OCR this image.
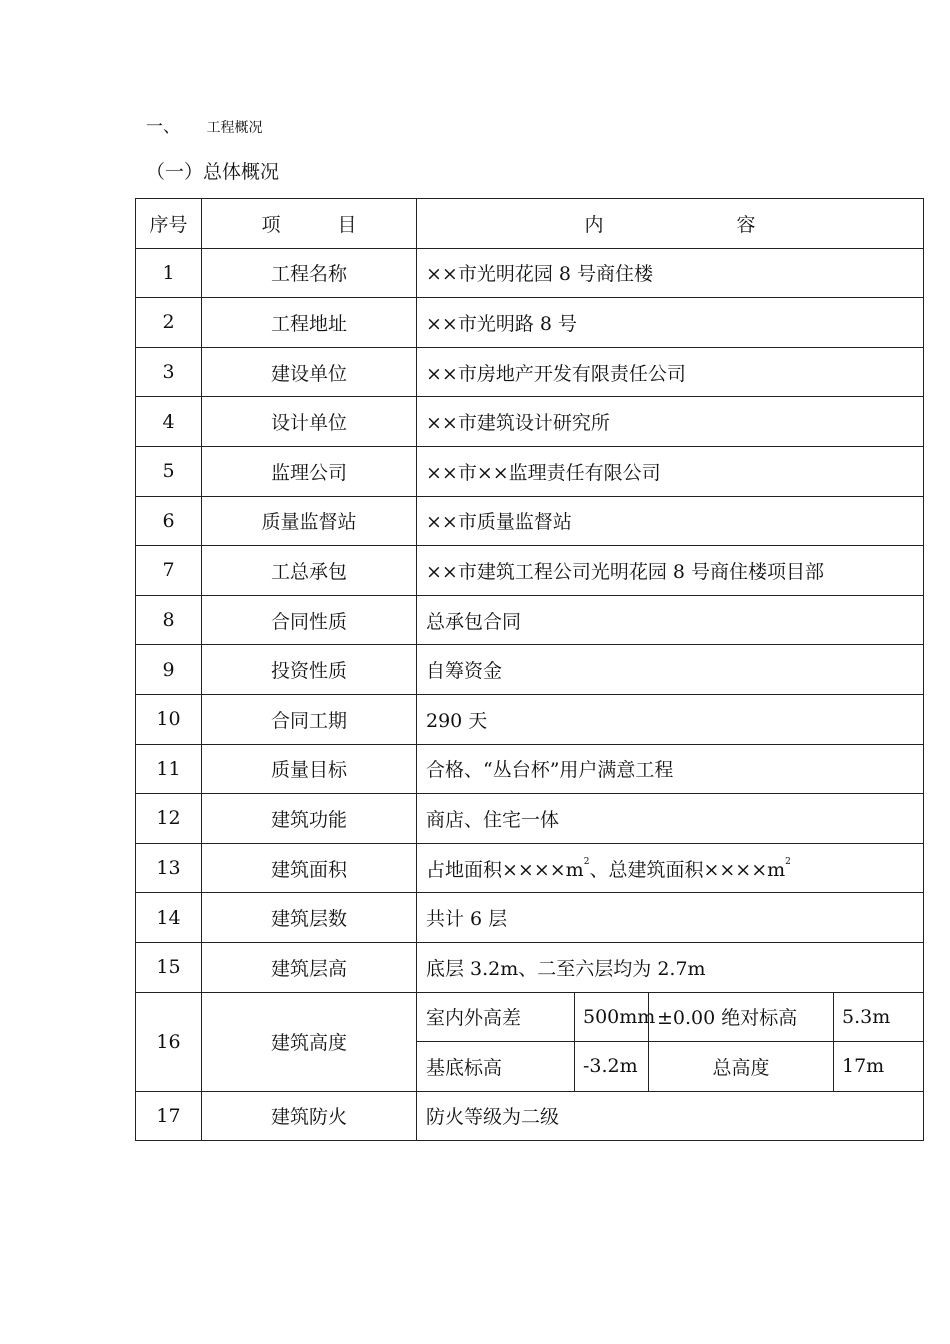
一、 工程概况
（一）总体概况
序号	项　　　目	内　　　　　　　容			
1	工程名称	××市光明花园 8 号商住楼			
2	工程地址	××市光明路 8 号			
3	建设单位	××市房地产开发有限责任公司			
4	设计单位	××市建筑设计研究所			
5	监理公司	××市××监理责任有限公司			
6	质量监督站	××市质量监督站			
7	工总承包	××市建筑工程公司光明花园 8 号商住楼项目部			
8	合同性质	总承包合同			
9	投资性质	自筹资金			
10	合同工期	290 天			
11	质量目标	合格、“丛台杯”用户满意工程			
12	建筑功能	商店、住宅一体			
13	建筑面积	占地面积$\times\times\times\times m^2$、总建筑面积$\times\times\times\times m^2$
14	建筑层数	共计 6 层			
15	建筑层高	底层 3.2m、二至六层均为 2.7m			
16	建筑高度	室内外高差	500mm	±0.00 绝对标高	5.3m
		基底标高	-3.2m	总高度	17m
17	建筑防火	防火等级为二级			
